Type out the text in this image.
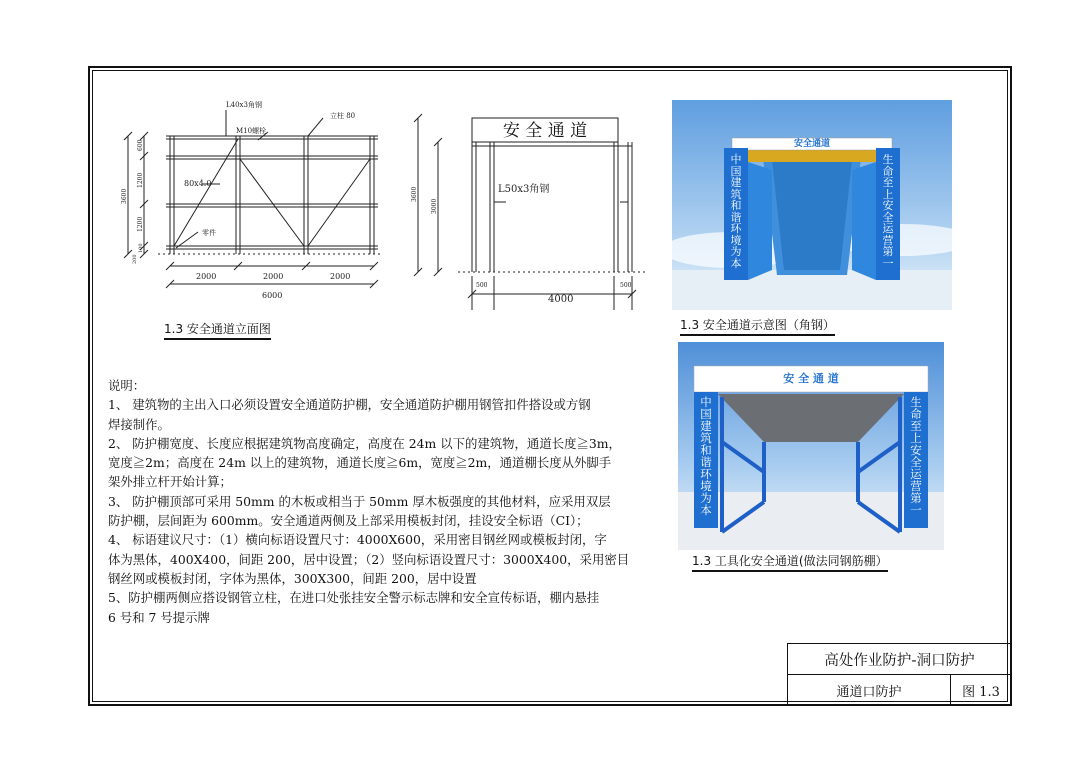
L40x3角钢
立柱 80
M10螺栓
80x4.0
零件
600
1200
1200
100
200
3600
2000	2000	2000
6000
1.3 安全通道立面图
安 全 通 道
L50x3角钢
3600
3000
500	500
4000
安全通道
中国建筑 和谐环境为本
生命至上 安全运营第一
1.3 安全通道示意图（角钢）
安 全 通 道
中国建筑 和谐环境为本
生命至上 安全运营第一
1.3 工具化安全通道(做法同钢筋棚）

说明：

1、 建筑物的主出入口必须设置安全通道防护棚，安全通道防护棚用钢管扣件搭设或方钢

焊接制作。

2、 防护棚宽度、长度应根据建筑物高度确定，高度在 24m 以下的建筑物，通道长度≧3m，

宽度≧2m；高度在 24m 以上的建筑物，通道长度≧6m，宽度≧2m，通道棚长度从外脚手

架外排立杆开始计算；

3、 防护棚顶部可采用 50mm 的木板或相当于 50mm 厚木板强度的其他材料，应采用双层

防护棚，层间距为 600mm。安全通道两侧及上部采用模板封闭，挂设安全标语（CI）；

4、 标语建议尺寸：（1）横向标语设置尺寸：4000X600，采用密目钢丝网或模板封闭，字

体为黑体，400X400，间距 200，居中设置；（2）竖向标语设置尺寸：3000X400，采用密目

钢丝网或模板封闭，字体为黑体，300X300，间距 200，居中设置

5、防护棚两侧应搭设钢管立柱，在进口处张挂安全警示标志牌和安全宣传标语，棚内悬挂

6 号和 7 号提示牌

高处作业防护-洞口防护
通道口防护	图 1.3
